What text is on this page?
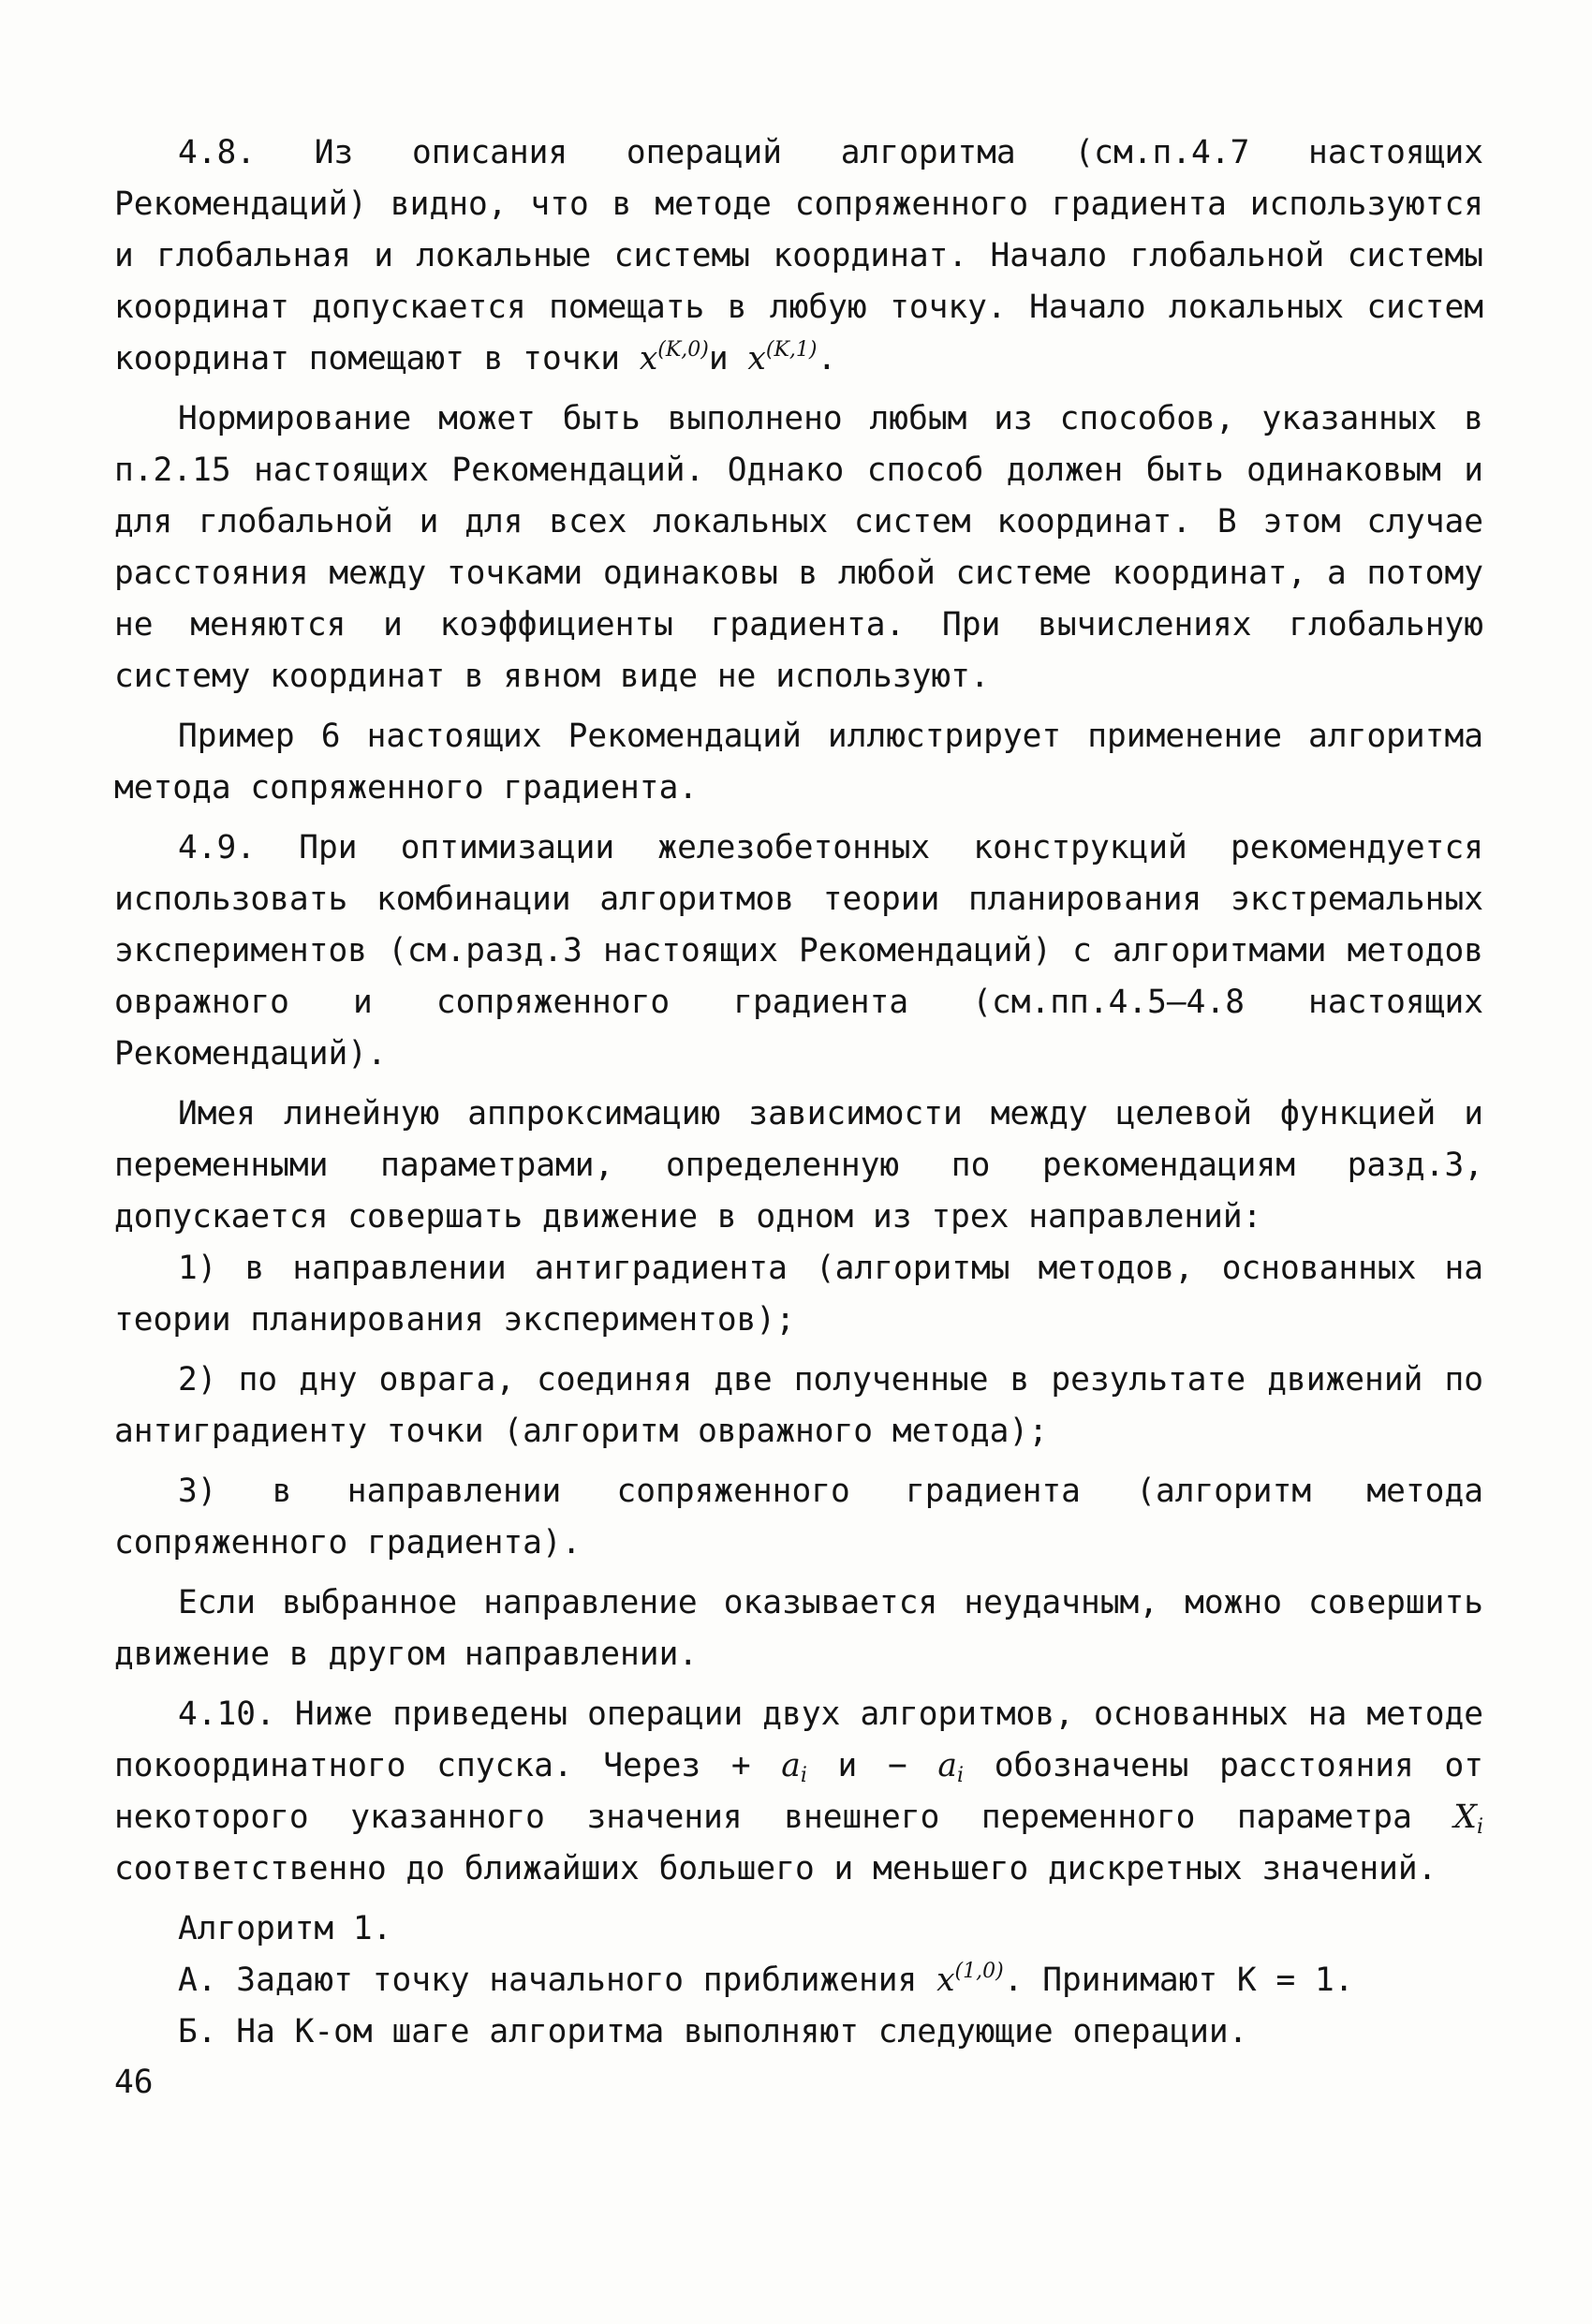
4.8. Из описания операций алгоритма (см.п.4.7 настоящих Рекомендаций) видно, что в методе сопряженного градиента используются и глобальная и локальные системы координат. Начало глобальной системы координат допускается помещать в любую точку. Начало локальных систем координат помещают в точки $x^{(K,0)}и$ $x^{(K,1)}$.

Нормирование может быть выполнено любым из способов, указанных в п.2.15 настоящих Рекомендаций. Однако способ должен быть одинаковым и для глобальной и для всех локальных систем координат. В этом случае расстояния между точками одинаковы в любой системе координат, а потому не меняются и коэффициенты градиента. При вычислениях глобальную систему координат в явном виде не используют.

Пример 6 настоящих Рекомендаций иллюстрирует применение алгоритма метода сопряженного градиента.

4.9. При оптимизации железобетонных конструкций рекомендуется использовать комбинации алгоритмов теории планирования экстремальных экспериментов (см.разд.3 настоящих Рекомендаций) с алгоритмами методов овражного и сопряженного градиента (см.пп.4.5–4.8 настоящих Рекомендаций).

Имея линейную аппроксимацию зависимости между целевой функцией и переменными параметрами, определенную по рекомендациям разд.3, допускается совершать движение в одном из трех направлений:

1) в направлении антиградиента (алгоритмы методов, основанных на теории планирования экспериментов);

2) по дну оврага, соединяя две полученные в результате движений по антиградиенту точки (алгоритм овражного метода);

3) в направлении сопряженного градиента (алгоритм метода сопряженного градиента).

Если выбранное направление оказывается неудачным, можно совершить движение в другом направлении.

4.10. Ниже приведены операции двух алгоритмов, основанных на методе покоординатного спуска. Через + $a_i$ $и - a_i$ обозначены расстояния от некоторого указанного значения внешнего переменного параметра $X_i$ соответственно до ближайших большего и меньшего дискретных значений.

Алгоритм 1.

А. Задают точку начального приближения $x^{(1,0)}$. Принимают К = 1.

Б. На К-ом шаге алгоритма выполняют следующие операции.

46
